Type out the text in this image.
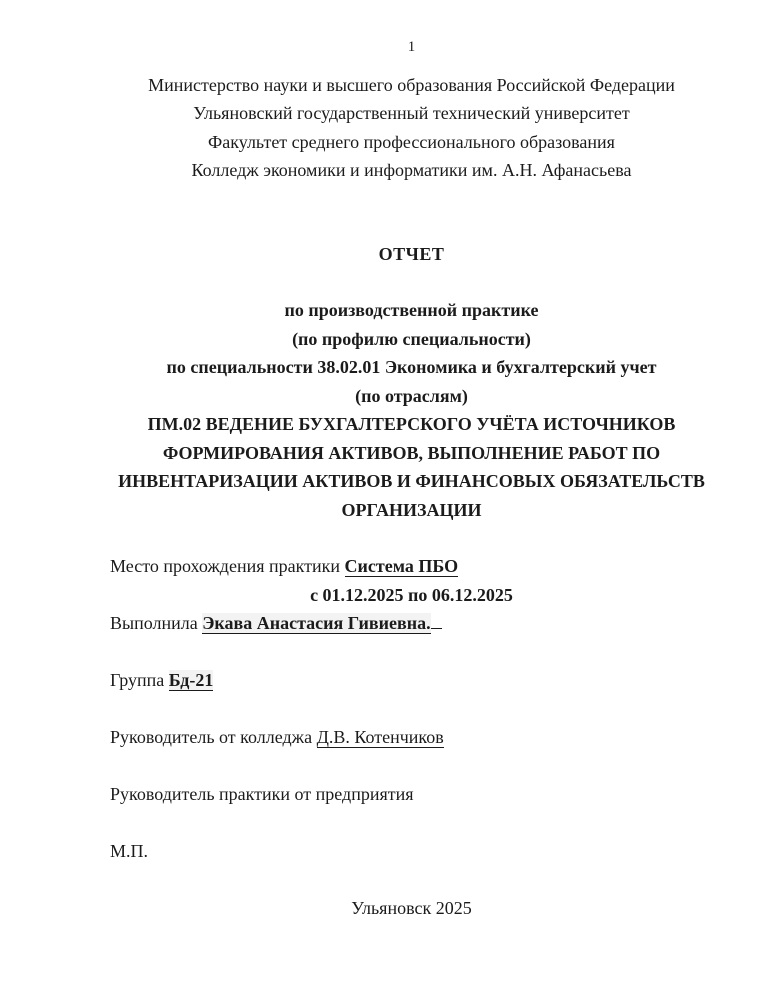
1
Министерство науки и высшего образования Российской Федерации
Ульяновский государственный технический университет
Факультет среднего профессионального образования
Колледж экономики и информатики им. А.Н. Афанасьева
ОТЧЕТ
по производственной практике
(по профилю специальности)
по специальности 38.02.01 Экономика и бухгалтерский учет
(по отраслям)
ПМ.02 ВЕДЕНИЕ БУХГАЛТЕРСКОГО УЧЁТА ИСТОЧНИКОВ
ФОРМИРОВАНИЯ АКТИВОВ, ВЫПОЛНЕНИЕ РАБОТ ПО
ИНВЕНТАРИЗАЦИИ АКТИВОВ И ФИНАНСОВЫХ ОБЯЗАТЕЛЬСТВ
ОРГАНИЗАЦИИ
Место прохождения практики Система ПБО
с 01.12.2025 по 06.12.2025
Выполнила Экава Анастасия Гивиевна.
Группа Бд-21
Руководитель от колледжа Д.В. Котенчиков
Руководитель практики от предприятия
М.П.
Ульяновск 2025
